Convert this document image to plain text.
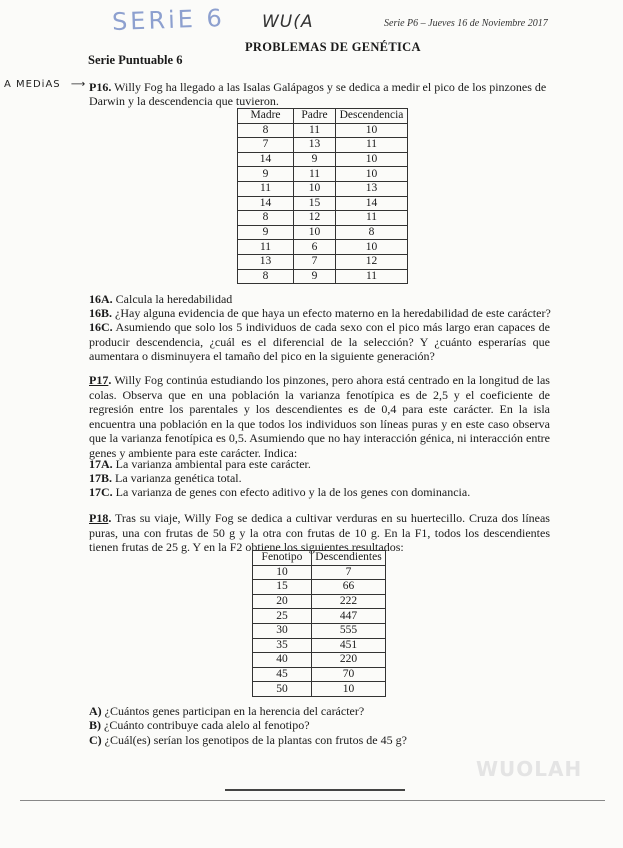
SERiE 6 WU(A	Serie P6 – Jueves 16 de Noviembre 2017
PROBLEMAS DE GENÉTICA
Serie Puntuable 6
A MEDiAS ⟶ P16. Willy Fog ha llegado a las Isalas Galápagos y se dedica a medir el pico de los pinzones de
Darwin y la descendencia que tuvieron.
Madre	Padre	Descendencia
8	11	10
7	13	11
14	9	10
9	11	10
11	10	13
14	15	14
8	12	11
9	10	8
11	6	10
13	7	12
8	9	11
16A. Calcula la heredabilidad
16B. ¿Hay alguna evidencia de que haya un efecto materno en la heredabilidad de este carácter?
16C. Asumiendo que solo los 5 individuos de cada sexo con el pico más largo eran capaces de producir descendencia, ¿cuál es el diferencial de la selección? Y ¿cuánto esperarías que aumentara o disminuyera el tamaño del pico en la siguiente generación?
P17. Willy Fog continúa estudiando los pinzones, pero ahora está centrado en la longitud de las colas. Observa que en una población la varianza fenotípica es de 2,5 y el coeficiente de regresión entre los parentales y los descendientes es de 0,4 para este carácter. En la isla encuentra una población en la que todos los individuos son líneas puras y en este caso observa que la varianza fenotípica es 0,5. Asumiendo que no hay interacción génica, ni interacción entre genes y ambiente para este carácter. Indica:
17A. La varianza ambiental para este carácter.
17B. La varianza genética total.
17C. La varianza de genes con efecto aditivo y la de los genes con dominancia.
P18. Tras su viaje, Willy Fog se dedica a cultivar verduras en su huertecillo. Cruza dos líneas puras, una con frutas de 50 g y la otra con frutas de 10 g. En la F1, todos los descendientes tienen frutas de 25 g. Y en la F2 obtiene los siguientes resultados:
Fenotipo	Descendientes
10	7
15	66
20	222
25	447
30	555
35	451
40	220
45	70
50	10
A) ¿Cuántos genes participan en la herencia del carácter?
B) ¿Cuánto contribuye cada alelo al fenotipo?
C) ¿Cuál(es) serían los genotipos de la plantas con frutos de 45 g?
WUOLAH
